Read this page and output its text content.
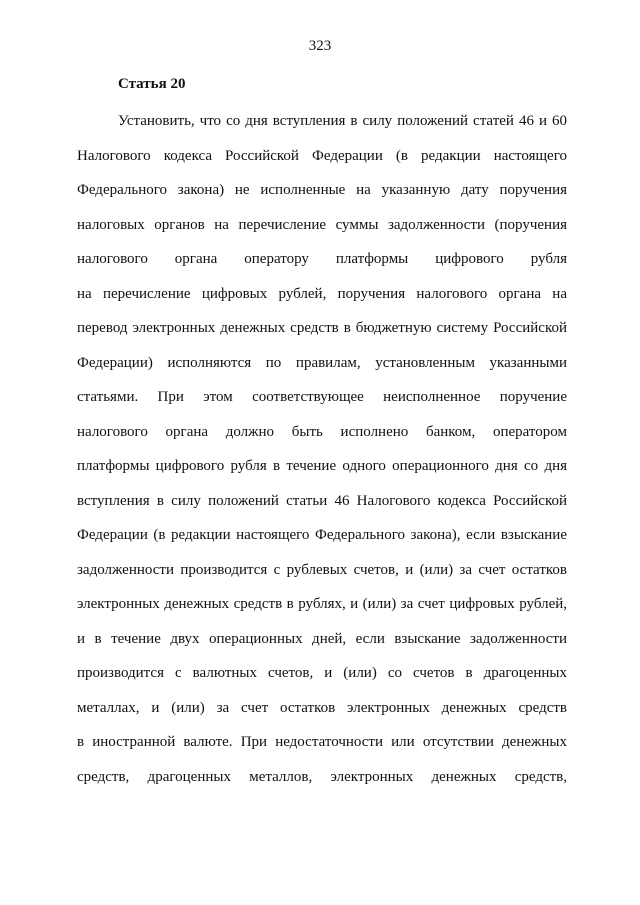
323
Статья 20
Установить, что со дня вступления в силу положений статей 46 и 60
Налогового кодекса Российской Федерации (в редакции настоящего
Федерального закона) не исполненные на указанную дату поручения
налоговых органов на перечисление суммы задолженности (поручения
налогового органа оператору платформы цифрового рубля
на перечисление цифровых рублей, поручения налогового органа на
перевод электронных денежных средств в бюджетную систему Российской
Федерации) исполняются по правилам, установленным указанными
статьями. При этом соответствующее неисполненное поручение
налогового органа должно быть исполнено банком, оператором
платформы цифрового рубля в течение одного операционного дня со дня
вступления в силу положений статьи 46 Налогового кодекса Российской
Федерации (в редакции настоящего Федерального закона), если взыскание
задолженности производится с рублевых счетов, и (или) за счет остатков
электронных денежных средств в рублях, и (или) за счет цифровых рублей,
и в течение двух операционных дней, если взыскание задолженности
производится с валютных счетов, и (или) со счетов в драгоценных
металлах, и (или) за счет остатков электронных денежных средств
в иностранной валюте. При недостаточности или отсутствии денежных
средств, драгоценных металлов, электронных денежных средств,
